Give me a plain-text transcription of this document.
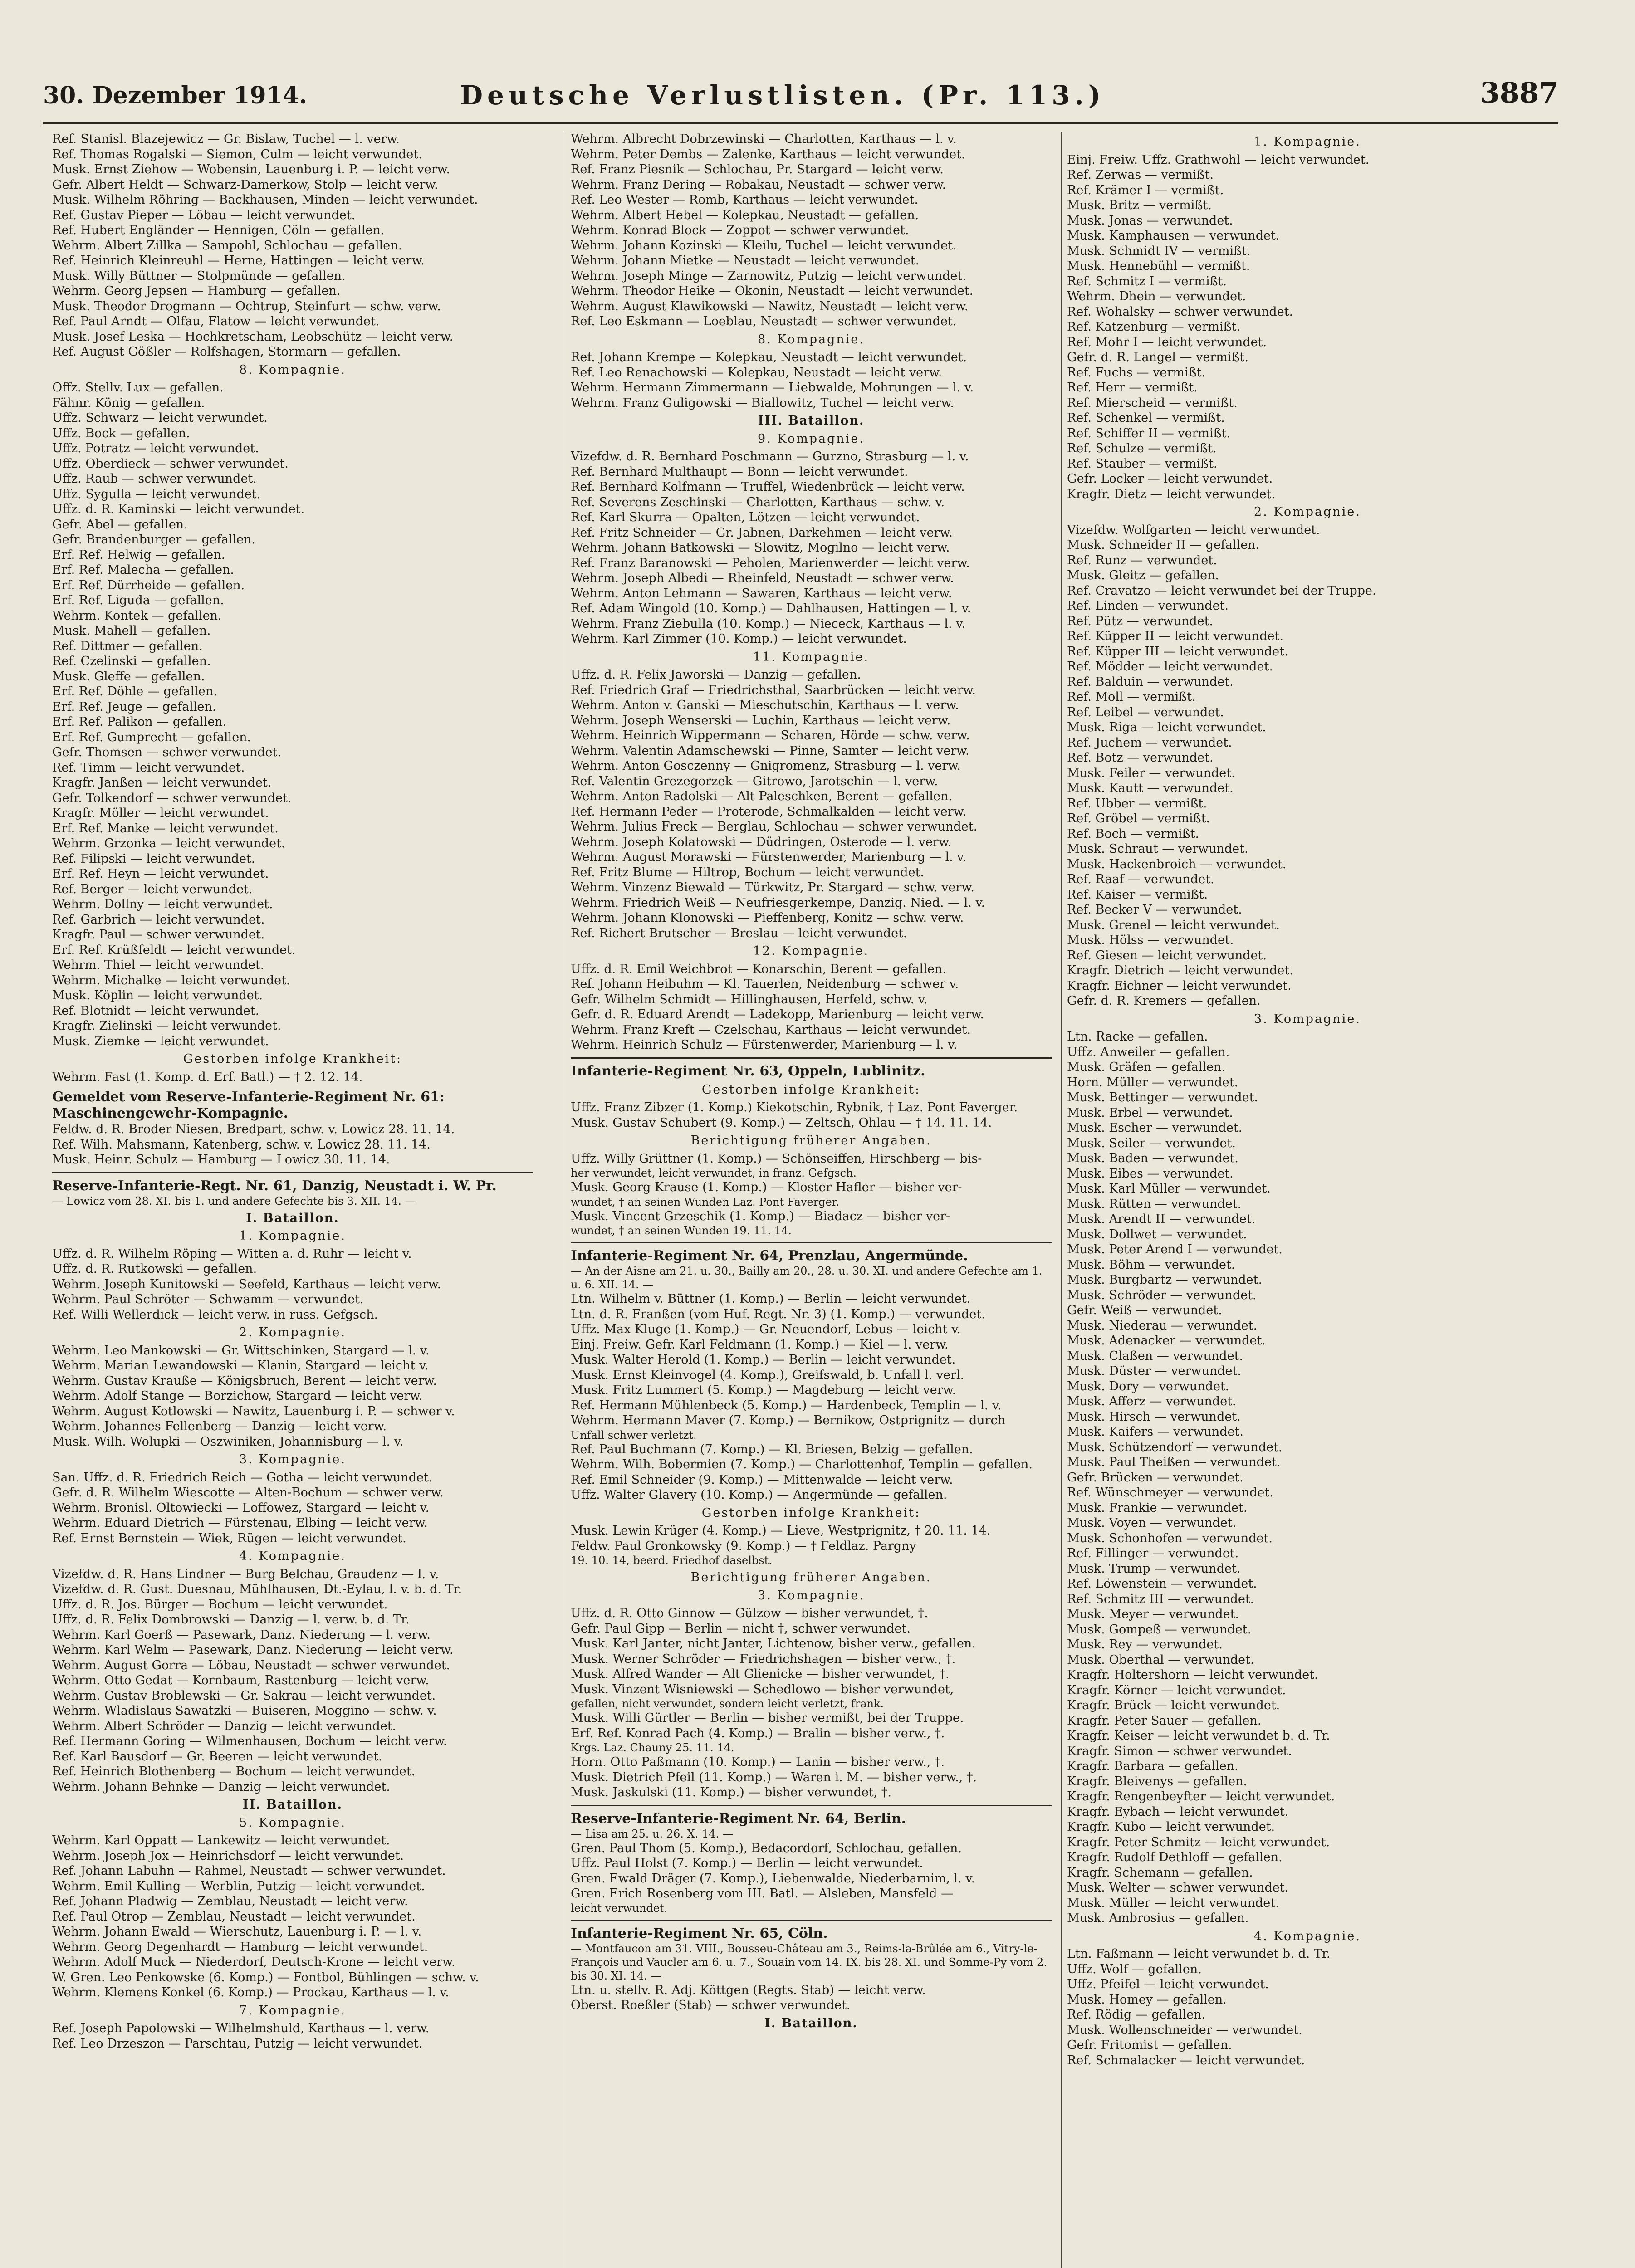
30. Dezember 1914.	Deutsche Verlustlisten. (Pr. 113.)	3887
Ref. Stanisl. Blazejewicz — Gr. Bislaw, Tuchel — l. verw.
Ref. Thomas Rogalski — Siemon, Culm — leicht verwundet.
Musk. Ernst Ziehow — Wobensin, Lauenburg i. P. — leicht verw.
Gefr. Albert Heldt — Schwarz-Damerkow, Stolp — leicht verw.
Musk. Wilhelm Röhring — Backhausen, Minden — leicht verwundet.
Ref. Gustav Pieper — Löbau — leicht verwundet.
Ref. Hubert Engländer — Hennigen, Cöln — gefallen.
Wehrm. Albert Zillka — Sampohl, Schlochau — gefallen.
Ref. Heinrich Kleinreuhl — Herne, Hattingen — leicht verw.
Musk. Willy Büttner — Stolpmünde — gefallen.
Wehrm. Georg Jepsen — Hamburg — gefallen.
Musk. Theodor Drogmann — Ochtrup, Steinfurt — schw. verw.
Ref. Paul Arndt — Olfau, Flatow — leicht verwundet.
Musk. Josef Leska — Hochkretscham, Leobschütz — leicht verw.
Ref. August Gößler — Rolfshagen, Stormarn — gefallen.
8. Kompagnie.
Offz. Stellv. Lux — gefallen.
Fähnr. König — gefallen.
Uffz. Schwarz — leicht verwundet.
Uffz. Bock — gefallen.
Uffz. Potratz — leicht verwundet.
Uffz. Oberdieck — schwer verwundet.
Uffz. Raub — schwer verwundet.
Uffz. Sygulla — leicht verwundet.
Uffz. d. R. Kaminski — leicht verwundet.
Gefr. Abel — gefallen.
Gefr. Brandenburger — gefallen.
Erf. Ref. Helwig — gefallen.
Erf. Ref. Malecha — gefallen.
Erf. Ref. Dürrheide — gefallen.
Erf. Ref. Liguda — gefallen.
Wehrm. Kontek — gefallen.
Musk. Mahell — gefallen.
Ref. Dittmer — gefallen.
Ref. Czelinski — gefallen.
Musk. Gleffe — gefallen.
Erf. Ref. Döhle — gefallen.
Erf. Ref. Jeuge — gefallen.
Erf. Ref. Palikon — gefallen.
Erf. Ref. Gumprecht — gefallen.
Gefr. Thomsen — schwer verwundet.
Ref. Timm — leicht verwundet.
Kragfr. Janßen — leicht verwundet.
Gefr. Tolkendorf — schwer verwundet.
Kragfr. Möller — leicht verwundet.
Erf. Ref. Manke — leicht verwundet.
Wehrm. Grzonka — leicht verwundet.
Ref. Filipski — leicht verwundet.
Erf. Ref. Heyn — leicht verwundet.
Ref. Berger — leicht verwundet.
Wehrm. Dollny — leicht verwundet.
Ref. Garbrich — leicht verwundet.
Kragfr. Paul — schwer verwundet.
Erf. Ref. Krüßfeldt — leicht verwundet.
Wehrm. Thiel — leicht verwundet.
Wehrm. Michalke — leicht verwundet.
Musk. Köplin — leicht verwundet.
Ref. Blotnidt — leicht verwundet.
Kragfr. Zielinski — leicht verwundet.
Musk. Ziemke — leicht verwundet.
Gestorben infolge Krankheit:
Wehrm. Fast (1. Komp. d. Erf. Batl.) — † 2. 12. 14.
Gemeldet vom Reserve-Infanterie-Regiment Nr. 61: Maschinengewehr-Kompagnie.
Feldw. d. R. Broder Niesen, Bredpart, schw. v. Lowicz 28. 11. 14.
Ref. Wilh. Mahsmann, Katenberg, schw. v. Lowicz 28. 11. 14.
Musk. Heinr. Schulz — Hamburg — Lowicz 30. 11. 14.
Reserve-Infanterie-Regt. Nr. 61, Danzig, Neustadt i. W. Pr.
— Lowicz vom 28. XI. bis 1. und andere Gefechte bis 3. XII. 14. —
I. Bataillon.
1. Kompagnie.
Uffz. d. R. Wilhelm Röping — Witten a. d. Ruhr — leicht v.
Uffz. d. R. Rutkowski — gefallen.
Wehrm. Joseph Kunitowski — Seefeld, Karthaus — leicht verw.
Wehrm. Paul Schröter — Schwamm — verwundet.
Ref. Willi Wellerdick — leicht verw. in russ. Gefgsch.
2. Kompagnie.
Wehrm. Leo Mankowski — Gr. Wittschinken, Stargard — l. v.
Wehrm. Marian Lewandowski — Klanin, Stargard — leicht v.
Wehrm. Gustav Krauße — Königsbruch, Berent — leicht verw.
Wehrm. Adolf Stange — Borzichow, Stargard — leicht verw.
Wehrm. August Kotlowski — Nawitz, Lauenburg i. P. — schwer v.
Wehrm. Johannes Fellenberg — Danzig — leicht verw.
Musk. Wilh. Wolupki — Oszwiniken, Johannisburg — l. v.
3. Kompagnie.
San. Uffz. d. R. Friedrich Reich — Gotha — leicht verwundet.
Gefr. d. R. Wilhelm Wiescotte — Alten-Bochum — schwer verw.
Wehrm. Bronisl. Oltowiecki — Loffowez, Stargard — leicht v.
Wehrm. Eduard Dietrich — Fürstenau, Elbing — leicht verw.
Ref. Ernst Bernstein — Wiek, Rügen — leicht verwundet.
4. Kompagnie.
Vizefdw. d. R. Hans Lindner — Burg Belchau, Graudenz — l. v.
Vizefdw. d. R. Gust. Duesnau, Mühlhausen, Dt.-Eylau, l. v. b. d. Tr.
Uffz. d. R. Jos. Bürger — Bochum — leicht verwundet.
Uffz. d. R. Felix Dombrowski — Danzig — l. verw. b. d. Tr.
Wehrm. Karl Goerß — Pasewark, Danz. Niederung — l. verw.
Wehrm. Karl Welm — Pasewark, Danz. Niederung — leicht verw.
Wehrm. August Gorra — Löbau, Neustadt — schwer verwundet.
Wehrm. Otto Gedat — Kornbaum, Rastenburg — leicht verw.
Wehrm. Gustav Broblewski — Gr. Sakrau — leicht verwundet.
Wehrm. Wladislaus Sawatzki — Buiseren, Moggino — schw. v.
Wehrm. Albert Schröder — Danzig — leicht verwundet.
Ref. Hermann Goring — Wilmenhausen, Bochum — leicht verw.
Ref. Karl Bausdorf — Gr. Beeren — leicht verwundet.
Ref. Heinrich Blothenberg — Bochum — leicht verwundet.
Wehrm. Johann Behnke — Danzig — leicht verwundet.
II. Bataillon.
5. Kompagnie.
Wehrm. Karl Oppatt — Lankewitz — leicht verwundet.
Wehrm. Joseph Jox — Heinrichsdorf — leicht verwundet.
Ref. Johann Labuhn — Rahmel, Neustadt — schwer verwundet.
Wehrm. Emil Kulling — Werblin, Putzig — leicht verwundet.
Ref. Johann Pladwig — Zemblau, Neustadt — leicht verw.
Ref. Paul Otrop — Zemblau, Neustadt — leicht verwundet.
Wehrm. Johann Ewald — Wierschutz, Lauenburg i. P. — l. v.
Wehrm. Georg Degenhardt — Hamburg — leicht verwundet.
Wehrm. Adolf Muck — Niederdorf, Deutsch-Krone — leicht verw.
W. Gren. Leo Penkowske (6. Komp.) — Fontbol, Bühlingen — schw. v.
Wehrm. Klemens Konkel (6. Komp.) — Prockau, Karthaus — l. v.
7. Kompagnie.
Ref. Joseph Papolowski — Wilhelmshuld, Karthaus — l. verw.
Ref. Leo Drzeszon — Parschtau, Putzig — leicht verwundet.
Wehrm. Albrecht Dobrzewinski — Charlotten, Karthaus — l. v.
Wehrm. Peter Dembs — Zalenke, Karthaus — leicht verwundet.
Ref. Franz Piesnik — Schlochau, Pr. Stargard — leicht verw.
Wehrm. Franz Dering — Robakau, Neustadt — schwer verw.
Ref. Leo Wester — Romb, Karthaus — leicht verwundet.
Wehrm. Albert Hebel — Kolepkau, Neustadt — gefallen.
Wehrm. Konrad Block — Zoppot — schwer verwundet.
Wehrm. Johann Kozinski — Kleilu, Tuchel — leicht verwundet.
Wehrm. Johann Mietke — Neustadt — leicht verwundet.
Wehrm. Joseph Minge — Zarnowitz, Putzig — leicht verwundet.
Wehrm. Theodor Heike — Okonin, Neustadt — leicht verwundet.
Wehrm. August Klawikowski — Nawitz, Neustadt — leicht verw.
Ref. Leo Eskmann — Loeblau, Neustadt — schwer verwundet.
8. Kompagnie.
Ref. Johann Krempe — Kolepkau, Neustadt — leicht verwundet.
Ref. Leo Renachowski — Kolepkau, Neustadt — leicht verw.
Wehrm. Hermann Zimmermann — Liebwalde, Mohrungen — l. v.
Wehrm. Franz Guligowski — Biallowitz, Tuchel — leicht verw.
III. Bataillon.
9. Kompagnie.
Vizefdw. d. R. Bernhard Poschmann — Gurzno, Strasburg — l. v.
Ref. Bernhard Multhaupt — Bonn — leicht verwundet.
Ref. Bernhard Kolfmann — Truffel, Wiedenbrück — leicht verw.
Ref. Severens Zeschinski — Charlotten, Karthaus — schw. v.
Ref. Karl Skurra — Opalten, Lötzen — leicht verwundet.
Ref. Fritz Schneider — Gr. Jabnen, Darkehmen — leicht verw.
Wehrm. Johann Batkowski — Slowitz, Mogilno — leicht verw.
Ref. Franz Baranowski — Peholen, Marienwerder — leicht verw.
Wehrm. Joseph Albedi — Rheinfeld, Neustadt — schwer verw.
Wehrm. Anton Lehmann — Sawaren, Karthaus — leicht verw.
Ref. Adam Wingold (10. Komp.) — Dahlhausen, Hattingen — l. v.
Wehrm. Franz Ziebulla (10. Komp.) — Niececk, Karthaus — l. v.
Wehrm. Karl Zimmer (10. Komp.) — leicht verwundet.
11. Kompagnie.
Uffz. d. R. Felix Jaworski — Danzig — gefallen.
Ref. Friedrich Graf — Friedrichsthal, Saarbrücken — leicht verw.
Wehrm. Anton v. Ganski — Mieschutschin, Karthaus — l. verw.
Wehrm. Joseph Wenserski — Luchin, Karthaus — leicht verw.
Wehrm. Heinrich Wippermann — Scharen, Hörde — schw. verw.
Wehrm. Valentin Adamschewski — Pinne, Samter — leicht verw.
Wehrm. Anton Gosczenny — Gnigromenz, Strasburg — l. verw.
Ref. Valentin Grezegorzek — Gitrowo, Jarotschin — l. verw.
Wehrm. Anton Radolski — Alt Paleschken, Berent — gefallen.
Ref. Hermann Peder — Proterode, Schmalkalden — leicht verw.
Wehrm. Julius Freck — Berglau, Schlochau — schwer verwundet.
Wehrm. Joseph Kolatowski — Düdringen, Osterode — l. verw.
Wehrm. August Morawski — Fürstenwerder, Marienburg — l. v.
Ref. Fritz Blume — Hiltrop, Bochum — leicht verwundet.
Wehrm. Vinzenz Biewald — Türkwitz, Pr. Stargard — schw. verw.
Wehrm. Friedrich Weiß — Neufriesgerkempe, Danzig. Nied. — l. v.
Wehrm. Johann Klonowski — Pieffenberg, Konitz — schw. verw.
Ref. Richert Brutscher — Breslau — leicht verwundet.
12. Kompagnie.
Uffz. d. R. Emil Weichbrot — Konarschin, Berent — gefallen.
Ref. Johann Heibuhm — Kl. Tauerlen, Neidenburg — schwer v.
Gefr. Wilhelm Schmidt — Hillinghausen, Herfeld, schw. v.
Gefr. d. R. Eduard Arendt — Ladekopp, Marienburg — leicht verw.
Wehrm. Franz Kreft — Czelschau, Karthaus — leicht verwundet.
Wehrm. Heinrich Schulz — Fürstenwerder, Marienburg — l. v.
Infanterie-Regiment Nr. 63, Oppeln, Lublinitz.
Gestorben infolge Krankheit:
Uffz. Franz Zibzer (1. Komp.) Kiekotschin, Rybnik, † Laz. Pont Faverger.
Musk. Gustav Schubert (9. Komp.) — Zeltsch, Ohlau — † 14. 11. 14.
Berichtigung früherer Angaben.
Uffz. Willy Grüttner (1. Komp.) — Schönseiffen, Hirschberg — bis-
her verwundet, leicht verwundet, in franz. Gefgsch.
Musk. Georg Krause (1. Komp.) — Kloster Hafler — bisher ver-
wundet, † an seinen Wunden Laz. Pont Faverger.
Musk. Vincent Grzeschik (1. Komp.) — Biadacz — bisher ver-
wundet, † an seinen Wunden 19. 11. 14.
Infanterie-Regiment Nr. 64, Prenzlau, Angermünde.
— An der Aisne am 21. u. 30., Bailly am 20., 28. u. 30. XI. und andere Gefechte am 1. u. 6. XII. 14. —
Ltn. Wilhelm v. Büttner (1. Komp.) — Berlin — leicht verwundet.
Ltn. d. R. Franßen (vom Huf. Regt. Nr. 3) (1. Komp.) — verwundet.
Uffz. Max Kluge (1. Komp.) — Gr. Neuendorf, Lebus — leicht v.
Einj. Freiw. Gefr. Karl Feldmann (1. Komp.) — Kiel — l. verw.
Musk. Walter Herold (1. Komp.) — Berlin — leicht verwundet.
Musk. Ernst Kleinvogel (4. Komp.), Greifswald, b. Unfall l. verl.
Musk. Fritz Lummert (5. Komp.) — Magdeburg — leicht verw.
Ref. Hermann Mühlenbeck (5. Komp.) — Hardenbeck, Templin — l. v.
Wehrm. Hermann Maver (7. Komp.) — Bernikow, Ostprignitz — durch
Unfall schwer verletzt.
Ref. Paul Buchmann (7. Komp.) — Kl. Briesen, Belzig — gefallen.
Wehrm. Wilh. Bobermien (7. Komp.) — Charlottenhof, Templin — gefallen.
Ref. Emil Schneider (9. Komp.) — Mittenwalde — leicht verw.
Uffz. Walter Glavery (10. Komp.) — Angermünde — gefallen.
Gestorben infolge Krankheit:
Musk. Lewin Krüger (4. Komp.) — Lieve, Westprignitz, † 20. 11. 14.
Feldw. Paul Gronkowsky (9. Komp.) — † Feldlaz. Pargny
19. 10. 14, beerd. Friedhof daselbst.
Berichtigung früherer Angaben.
3. Kompagnie.
Uffz. d. R. Otto Ginnow — Gülzow — bisher verwundet, †.
Gefr. Paul Gipp — Berlin — nicht †, schwer verwundet.
Musk. Karl Janter, nicht Janter, Lichtenow, bisher verw., gefallen.
Musk. Werner Schröder — Friedrichshagen — bisher verw., †.
Musk. Alfred Wander — Alt Glienicke — bisher verwundet, †.
Musk. Vinzent Wisniewski — Schedlowo — bisher verwundet,
gefallen, nicht verwundet, sondern leicht verletzt, frank.
Musk. Willi Gürtler — Berlin — bisher vermißt, bei der Truppe.
Erf. Ref. Konrad Pach (4. Komp.) — Bralin — bisher verw., †.
Krgs. Laz. Chauny 25. 11. 14.
Horn. Otto Paßmann (10. Komp.) — Lanin — bisher verw., †.
Musk. Dietrich Pfeil (11. Komp.) — Waren i. M. — bisher verw., †.
Musk. Jaskulski (11. Komp.) — bisher verwundet, †.
Reserve-Infanterie-Regiment Nr. 64, Berlin.
— Lisa am 25. u. 26. X. 14. —
Gren. Paul Thom (5. Komp.), Bedacordorf, Schlochau, gefallen.
Uffz. Paul Holst (7. Komp.) — Berlin — leicht verwundet.
Gren. Ewald Dräger (7. Komp.), Liebenwalde, Niederbarnim, l. v.
Gren. Erich Rosenberg vom III. Batl. — Alsleben, Mansfeld —
leicht verwundet.
Infanterie-Regiment Nr. 65, Cöln.
— Montfaucon am 31. VIII., Bousseu-Château am 3., Reims-la-Brûlée am 6., Vitry-le-François und Vaucler am 6. u. 7., Souain vom 14. IX. bis 28. XI. und Somme-Py vom 2. bis 30. XI. 14. —
Ltn. u. stellv. R. Adj. Köttgen (Regts. Stab) — leicht verw.
Oberst. Roeßler (Stab) — schwer verwundet.
I. Bataillon.
1. Kompagnie.
Einj. Freiw. Uffz. Grathwohl — leicht verwundet.
Ref. Zerwas — vermißt.
Ref. Krämer I — vermißt.
Musk. Britz — vermißt.
Musk. Jonas — verwundet.
Musk. Kamphausen — verwundet.
Musk. Schmidt IV — vermißt.
Musk. Hennebühl — vermißt.
Ref. Schmitz I — vermißt.
Wehrm. Dhein — verwundet.
Ref. Wohalsky — schwer verwundet.
Ref. Katzenburg — vermißt.
Ref. Mohr I — leicht verwundet.
Gefr. d. R. Langel — vermißt.
Ref. Fuchs — vermißt.
Ref. Herr — vermißt.
Ref. Mierscheid — vermißt.
Ref. Schenkel — vermißt.
Ref. Schiffer II — vermißt.
Ref. Schulze — vermißt.
Ref. Stauber — vermißt.
Gefr. Locker — leicht verwundet.
Kragfr. Dietz — leicht verwundet.
2. Kompagnie.
Vizefdw. Wolfgarten — leicht verwundet.
Musk. Schneider II — gefallen.
Ref. Runz — verwundet.
Musk. Gleitz — gefallen.
Ref. Cravatzo — leicht verwundet bei der Truppe.
Ref. Linden — verwundet.
Ref. Pütz — verwundet.
Ref. Küpper II — leicht verwundet.
Ref. Küpper III — leicht verwundet.
Ref. Mödder — leicht verwundet.
Ref. Balduin — verwundet.
Ref. Moll — vermißt.
Ref. Leibel — verwundet.
Musk. Riga — leicht verwundet.
Ref. Juchem — verwundet.
Ref. Botz — verwundet.
Musk. Feiler — verwundet.
Musk. Kautt — verwundet.
Ref. Ubber — vermißt.
Ref. Gröbel — vermißt.
Ref. Boch — vermißt.
Musk. Schraut — verwundet.
Musk. Hackenbroich — verwundet.
Ref. Raaf — verwundet.
Ref. Kaiser — vermißt.
Ref. Becker V — verwundet.
Musk. Grenel — leicht verwundet.
Musk. Hölss — verwundet.
Ref. Giesen — leicht verwundet.
Kragfr. Dietrich — leicht verwundet.
Kragfr. Eichner — leicht verwundet.
Gefr. d. R. Kremers — gefallen.
3. Kompagnie.
Ltn. Racke — gefallen.
Uffz. Anweiler — gefallen.
Musk. Gräfen — gefallen.
Horn. Müller — verwundet.
Musk. Bettinger — verwundet.
Musk. Erbel — verwundet.
Musk. Escher — verwundet.
Musk. Seiler — verwundet.
Musk. Baden — verwundet.
Musk. Eibes — verwundet.
Musk. Karl Müller — verwundet.
Musk. Rütten — verwundet.
Musk. Arendt II — verwundet.
Musk. Dollwet — verwundet.
Musk. Peter Arend I — verwundet.
Musk. Böhm — verwundet.
Musk. Burgbartz — verwundet.
Musk. Schröder — verwundet.
Gefr. Weiß — verwundet.
Musk. Niederau — verwundet.
Musk. Adenacker — verwundet.
Musk. Claßen — verwundet.
Musk. Düster — verwundet.
Musk. Dory — verwundet.
Musk. Afferz — verwundet.
Musk. Hirsch — verwundet.
Musk. Kaifers — verwundet.
Musk. Schützendorf — verwundet.
Musk. Paul Theißen — verwundet.
Gefr. Brücken — verwundet.
Ref. Wünschmeyer — verwundet.
Musk. Frankie — verwundet.
Musk. Voyen — verwundet.
Musk. Schonhofen — verwundet.
Ref. Fillinger — verwundet.
Musk. Trump — verwundet.
Ref. Löwenstein — verwundet.
Ref. Schmitz III — verwundet.
Musk. Meyer — verwundet.
Musk. Gompeß — verwundet.
Musk. Rey — verwundet.
Musk. Oberthal — verwundet.
Kragfr. Holtershorn — leicht verwundet.
Kragfr. Körner — leicht verwundet.
Kragfr. Brück — leicht verwundet.
Kragfr. Peter Sauer — gefallen.
Kragfr. Keiser — leicht verwundet b. d. Tr.
Kragfr. Simon — schwer verwundet.
Kragfr. Barbara — gefallen.
Kragfr. Bleivenys — gefallen.
Kragfr. Rengenbeyfter — leicht verwundet.
Kragfr. Eybach — leicht verwundet.
Kragfr. Kubo — leicht verwundet.
Kragfr. Peter Schmitz — leicht verwundet.
Kragfr. Rudolf Dethloff — gefallen.
Kragfr. Schemann — gefallen.
Musk. Welter — schwer verwundet.
Musk. Müller — leicht verwundet.
Musk. Ambrosius — gefallen.
4. Kompagnie.
Ltn. Faßmann — leicht verwundet b. d. Tr.
Uffz. Wolf — gefallen.
Uffz. Pfeifel — leicht verwundet.
Musk. Homey — gefallen.
Ref. Rödig — gefallen.
Musk. Wollenschneider — verwundet.
Gefr. Fritomist — gefallen.
Ref. Schmalacker — leicht verwundet.
